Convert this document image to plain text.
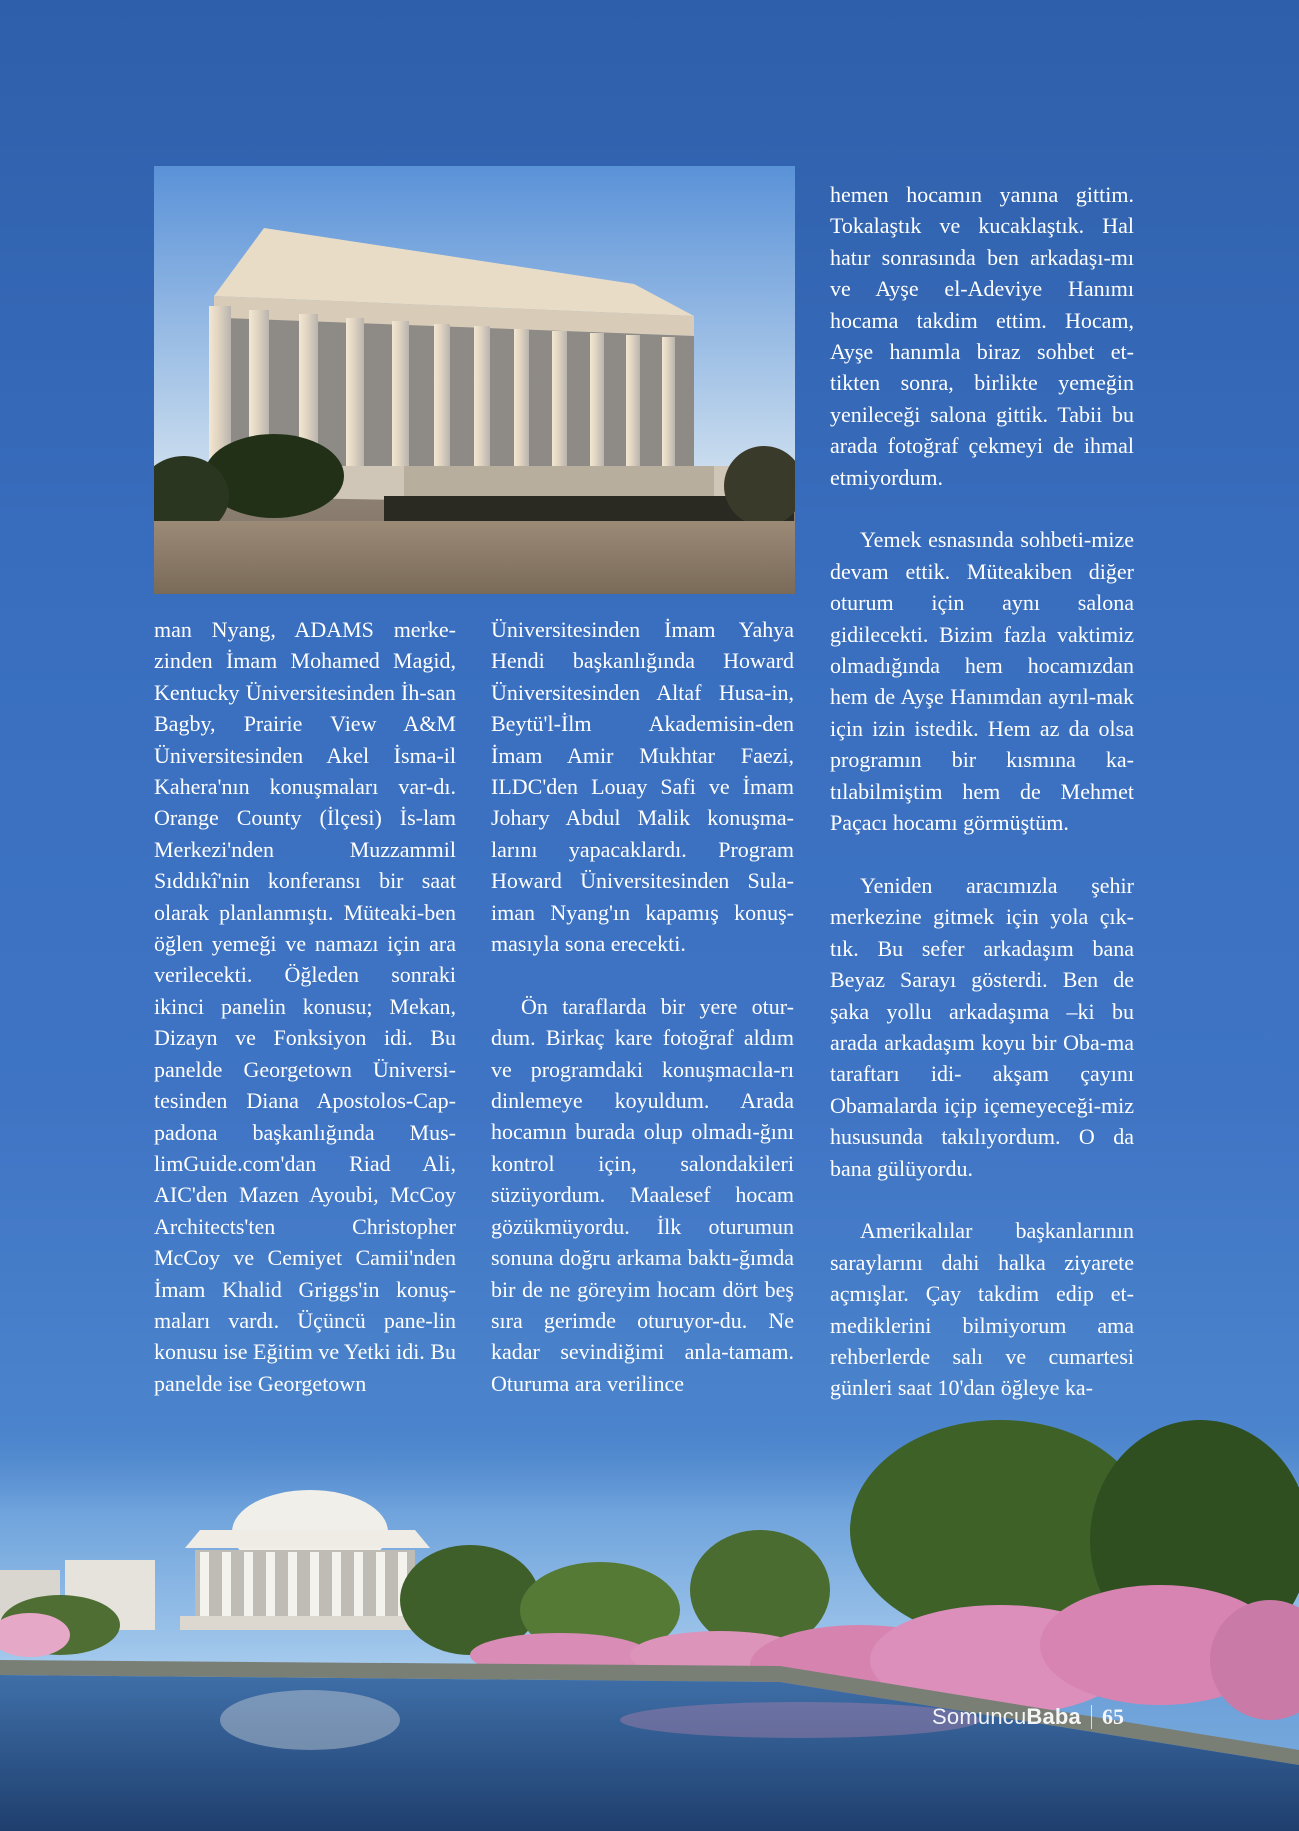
man Nyang, ADAMS merke-zinden İmam Mohamed Magid, Kentucky Üniversitesinden İh-san Bagby, Prairie View A&M Üniversitesinden Akel İsma-il Kahera'nın konuşmaları var-dı. Orange County (İlçesi) İs-lam Merkezi'nden Muzzammil Sıddıkî'nin konferansı bir saat olarak planlanmıştı. Müteaki-ben öğlen yemeği ve namazı için ara verilecekti. Öğleden sonraki ikinci panelin konusu; Mekan, Dizayn ve Fonksiyon idi. Bu panelde Georgetown Üniversi-tesinden Diana Apostolos-Cap-padona başkanlığında Mus-limGuide.com'dan Riad Ali, AIC'den Mazen Ayoubi, McCoy Architects'ten Christopher McCoy ve Cemiyet Camii'nden İmam Khalid Griggs'in konuş-maları vardı. Üçüncü pane-lin konusu ise Eğitim ve Yetki idi. Bu panelde ise Georgetown

Üniversitesinden İmam Yahya Hendi başkanlığında Howard Üniversitesinden Altaf Husa-in, Beytü'l-İlm Akademisin-den İmam Amir Mukhtar Faezi, ILDC'den Louay Safi ve İmam Johary Abdul Malik konuşma-larını yapacaklardı. Program Howard Üniversitesinden Sula-iman Nyang'ın kapamış konuş-masıyla sona erecekti.

Ön taraflarda bir yere otur-dum. Birkaç kare fotoğraf aldım ve programdaki konuşmacıla-rı dinlemeye koyuldum. Arada hocamın burada olup olmadı-ğını kontrol için, salondakileri süzüyordum. Maalesef hocam gözükmüyordu. İlk oturumun sonuna doğru arkama baktı-ğımda bir de ne göreyim hocam dört beş sıra gerimde oturuyor-du. Ne kadar sevindiğimi anla-tamam. Oturuma ara verilince

hemen hocamın yanına gittim. Tokalaştık ve kucaklaştık. Hal hatır sonrasında ben arkadaşı-mı ve Ayşe el-Adeviye Hanımı hocama takdim ettim. Hocam, Ayşe hanımla biraz sohbet et-tikten sonra, birlikte yemeğin yenileceği salona gittik. Tabii bu arada fotoğraf çekmeyi de ihmal etmiyordum.

Yemek esnasında sohbeti-mize devam ettik. Müteakiben diğer oturum için aynı salona gidilecekti. Bizim fazla vaktimiz olmadığında hem hocamızdan hem de Ayşe Hanımdan ayrıl-mak için izin istedik. Hem az da olsa programın bir kısmına ka-tılabilmiştim hem de Mehmet Paçacı hocamı görmüştüm.

Yeniden aracımızla şehir merkezine gitmek için yola çık-tık. Bu sefer arkadaşım bana Beyaz Sarayı gösterdi. Ben de şaka yollu arkadaşıma –ki bu arada arkadaşım koyu bir Oba-ma taraftarı idi- akşam çayını Obamalarda içip içemeyeceği-miz hususunda takılıyordum. O da bana gülüyordu.

Amerikalılar başkanlarının saraylarını dahi halka ziyarete açmışlar. Çay takdim edip et-mediklerini bilmiyorum ama rehberlerde salı ve cumartesi günleri saat 10'dan öğleye ka-

SomuncuBaba 65
